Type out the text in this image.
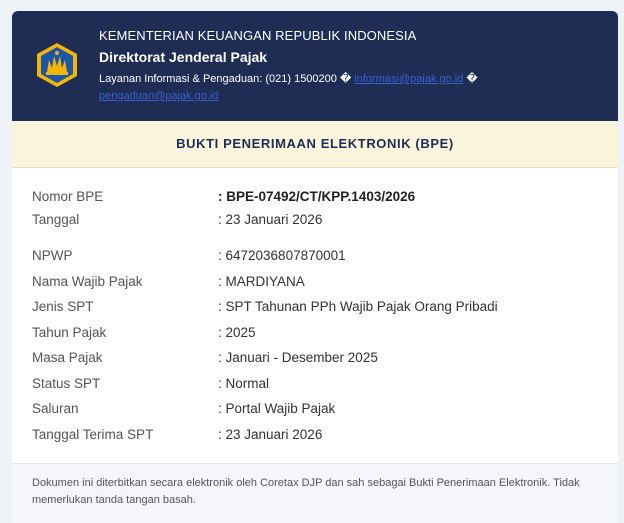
KEMENTERIAN KEUANGAN REPUBLIK INDONESIA
Direktorat Jenderal Pajak
Layanan Informasi & Pengaduan: (021) 1500200 � informasi@pajak.go.id �
pengaduan@pajak.go.id
BUKTI PENERIMAAN ELEKTRONIK (BPE)
Nomor BPE	: BPE-07492/CT/KPP.1403/2026
Tanggal	: 23 Januari 2026
NPWP	: 6472036807870001
Nama Wajib Pajak	: MARDIYANA
Jenis SPT	: SPT Tahunan PPh Wajib Pajak Orang Pribadi
Tahun Pajak	: 2025
Masa Pajak	: Januari - Desember 2025
Status SPT	: Normal
Saluran	: Portal Wajib Pajak
Tanggal Terima SPT	: 23 Januari 2026
Dokumen ini diterbitkan secara elektronik oleh Coretax DJP dan sah sebagai Bukti Penerimaan Elektronik. Tidak memerlukan tanda tangan basah.
